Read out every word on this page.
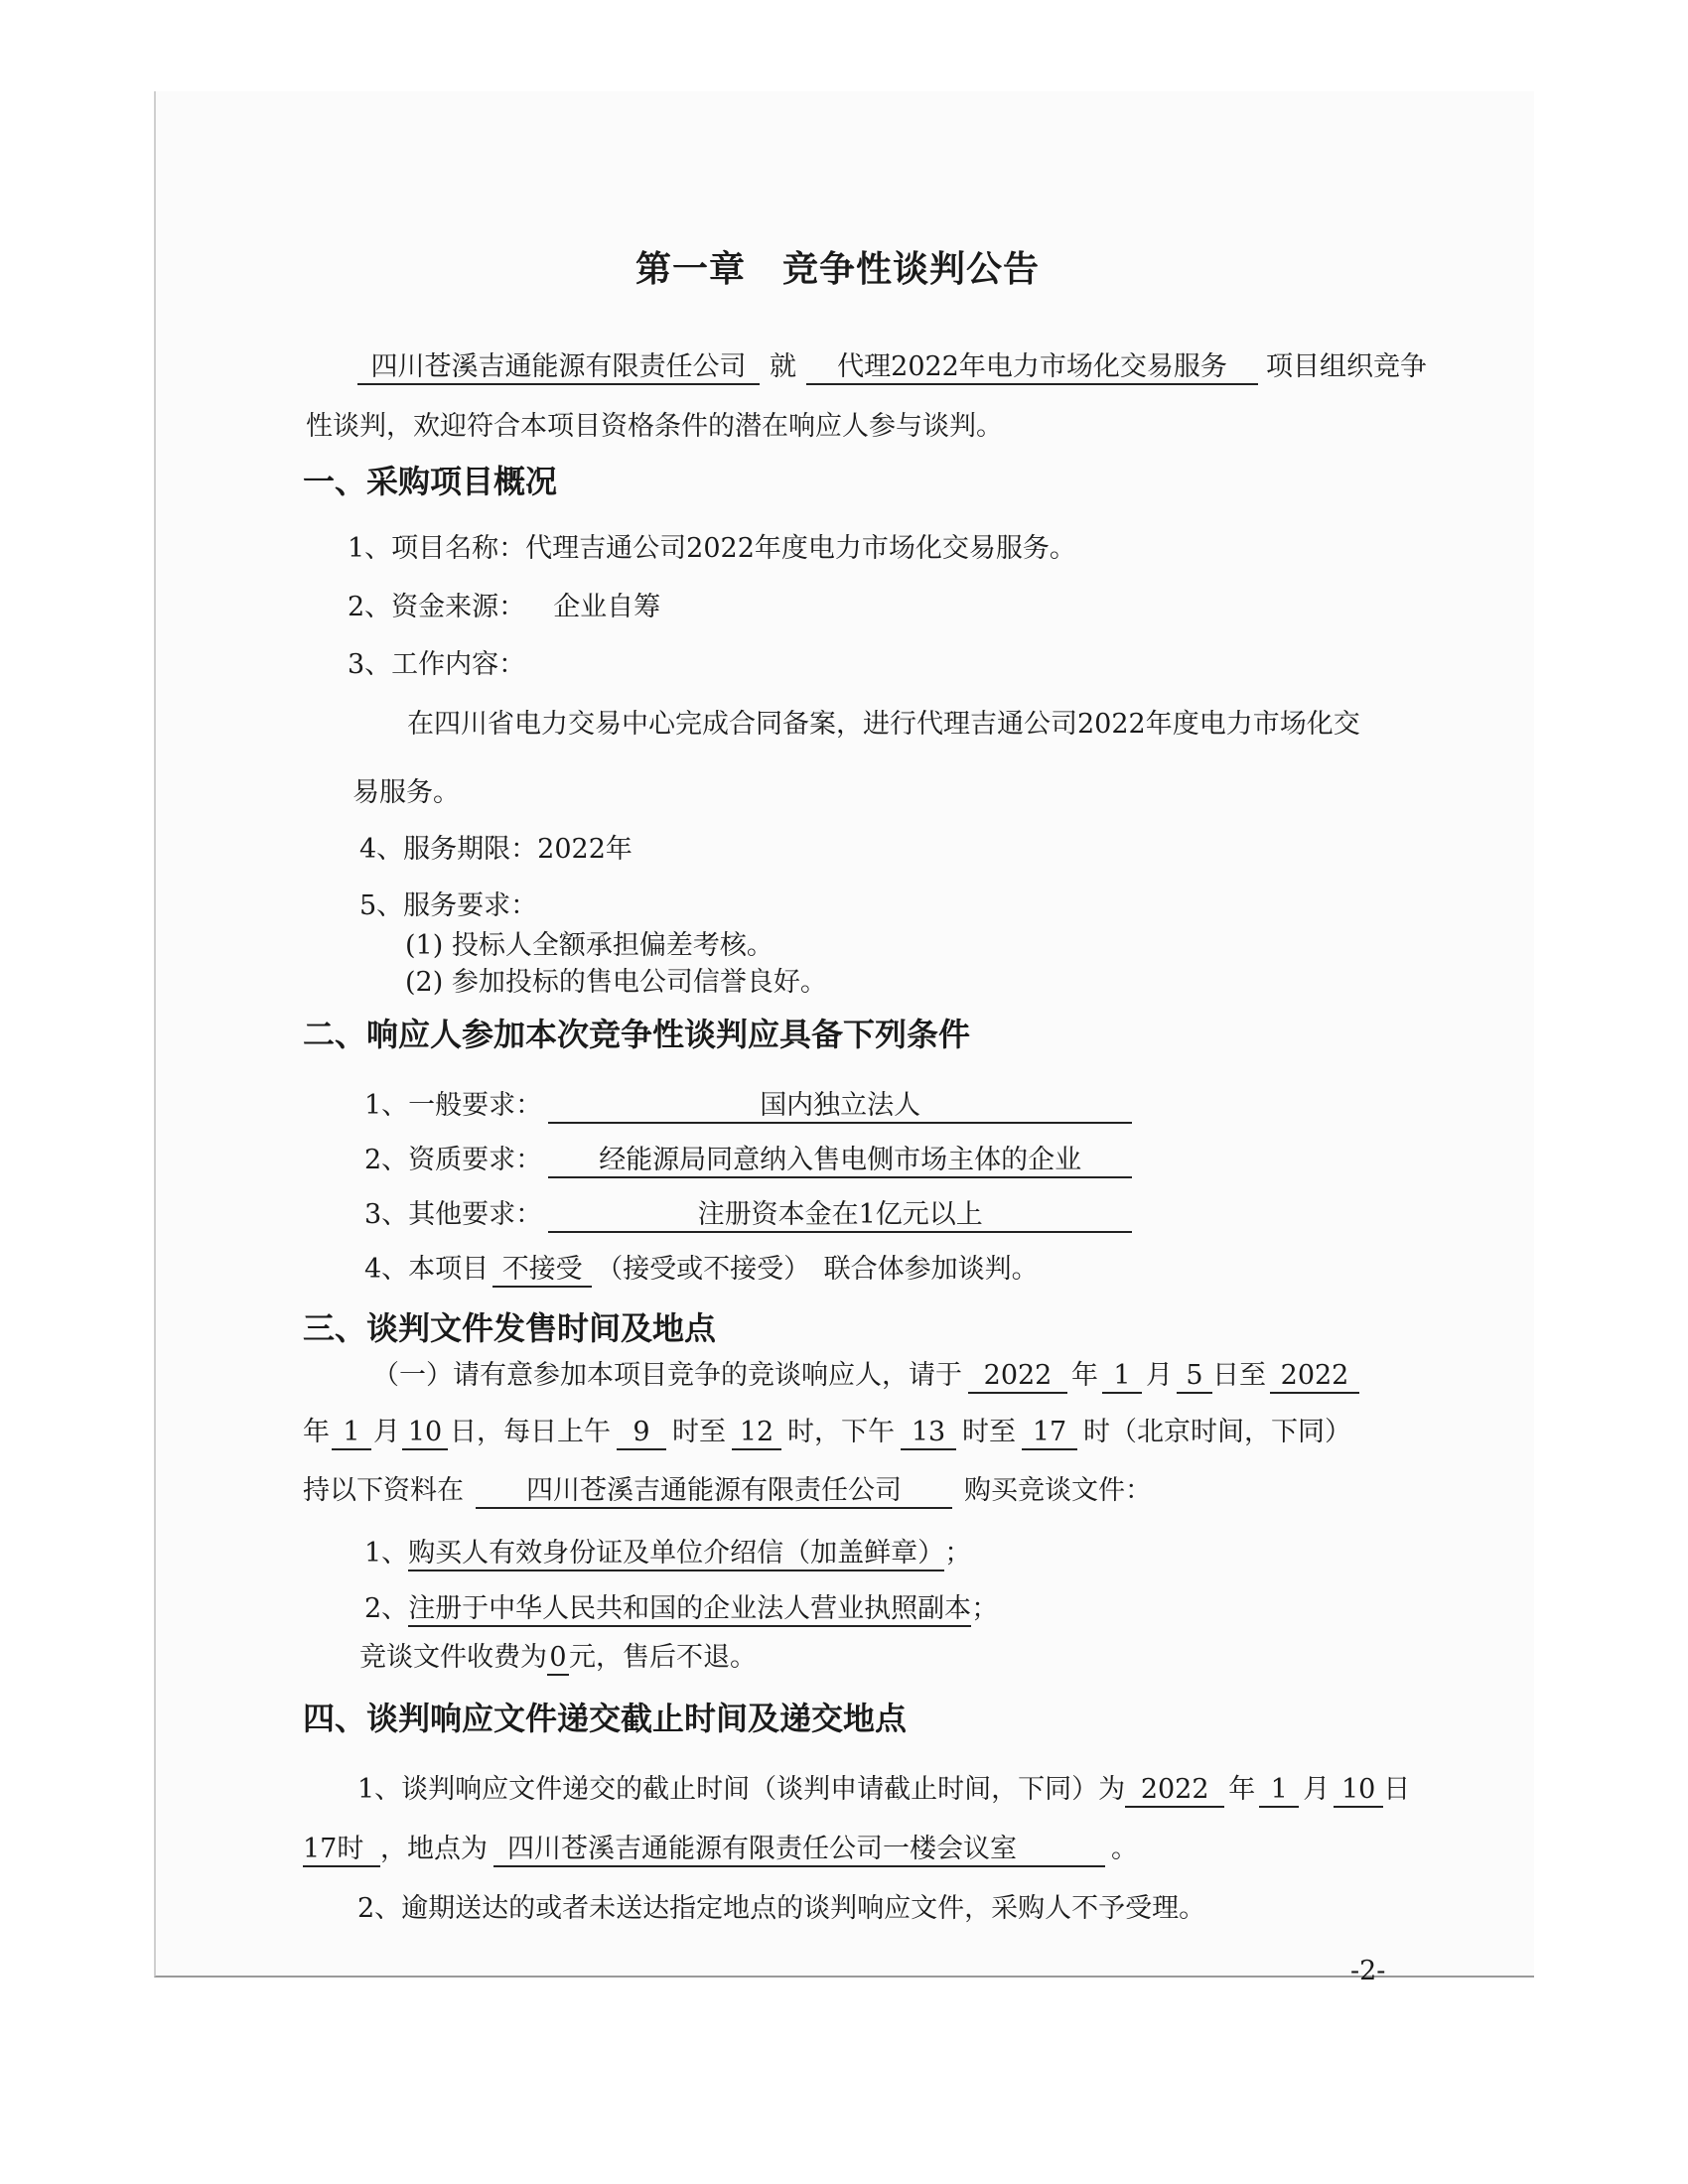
第一章　竞争性谈判公告
四川苍溪吉通能源有限责任公司 就 代理2022年电力市场化交易服务 项目组织竞争
性谈判，欢迎符合本项目资格条件的潜在响应人参与谈判。
一、采购项目概况
1、项目名称：代理吉通公司2022年度电力市场化交易服务。
2、资金来源： 企业自筹
3、工作内容：
在四川省电力交易中心完成合同备案，进行代理吉通公司2022年度电力市场化交
易服务。
4、服务期限：2022年
5、服务要求：
(1) 投标人全额承担偏差考核。
(2) 参加投标的售电公司信誉良好。
二、响应人参加本次竞争性谈判应具备下列条件
1、一般要求：	国内独立法人
2、资质要求： 经能源局同意纳入售电侧市场主体的企业
3、其他要求：	注册资本金在1亿元以上
4、本项目 不接受 （接受或不接受）　联合体参加谈判。
三、谈判文件发售时间及地点
（一）请有意参加本项目竞争的竞谈响应人，请于 2022 年 1 月 5 日至 2022
年 1 月 10 日，每日上午 9 时至 12 时，下午 13 时至 17 时（北京时间，下同）
持以下资料在 四川苍溪吉通能源有限责任公司 购买竞谈文件：
1、购买人有效身份证及单位介绍信（加盖鲜章）；
2、注册于中华人民共和国的企业法人营业执照副本；
竞谈文件收费为0元，售后不退。
四、谈判响应文件递交截止时间及递交地点
1、谈判响应文件递交的截止时间（谈判申请截止时间，下同）为 2022 年 1 月 10 日
17时 ，地点为 四川苍溪吉通能源有限责任公司一楼会议室	。
2、逾期送达的或者未送达指定地点的谈判响应文件，采购人不予受理。
-2-
